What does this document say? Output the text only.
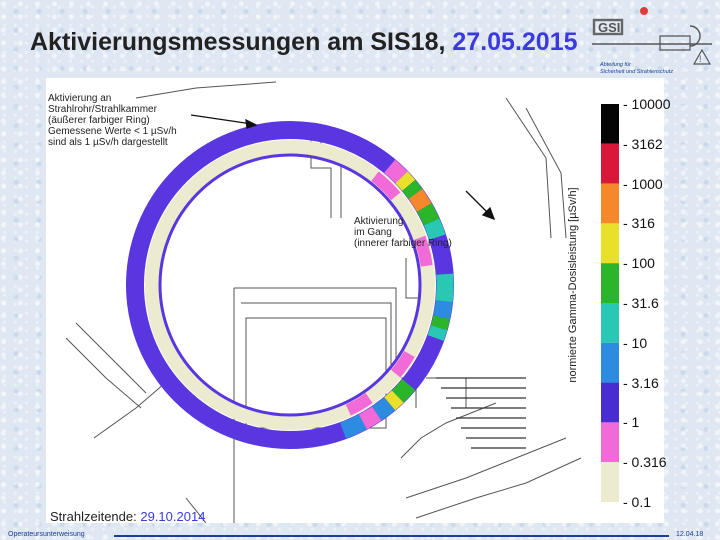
Aktivierungsmessungen am SIS18, 27.05.2015
GSI
!
Abteilung für
Sicherheit und Strahlenschutz
Aktivierung an
Strahlrohr/Strahlkammer
(äußerer farbiger Ring)
Gemessene Werte < 1 µSv/h
sind als 1 µSv/h dargestellt
Aktivierung
im Gang
(innerer farbiger Ring)
Strahlzeitende: 29.10.2014
normierte Gamma-Dosisleistung [µSv/h]
- 10000
- 3162
- 1000
- 316
- 100
- 31.6
- 10
- 3.16
- 1
- 0.316
- 0.1
Operateursunterweisung	12.04.18
